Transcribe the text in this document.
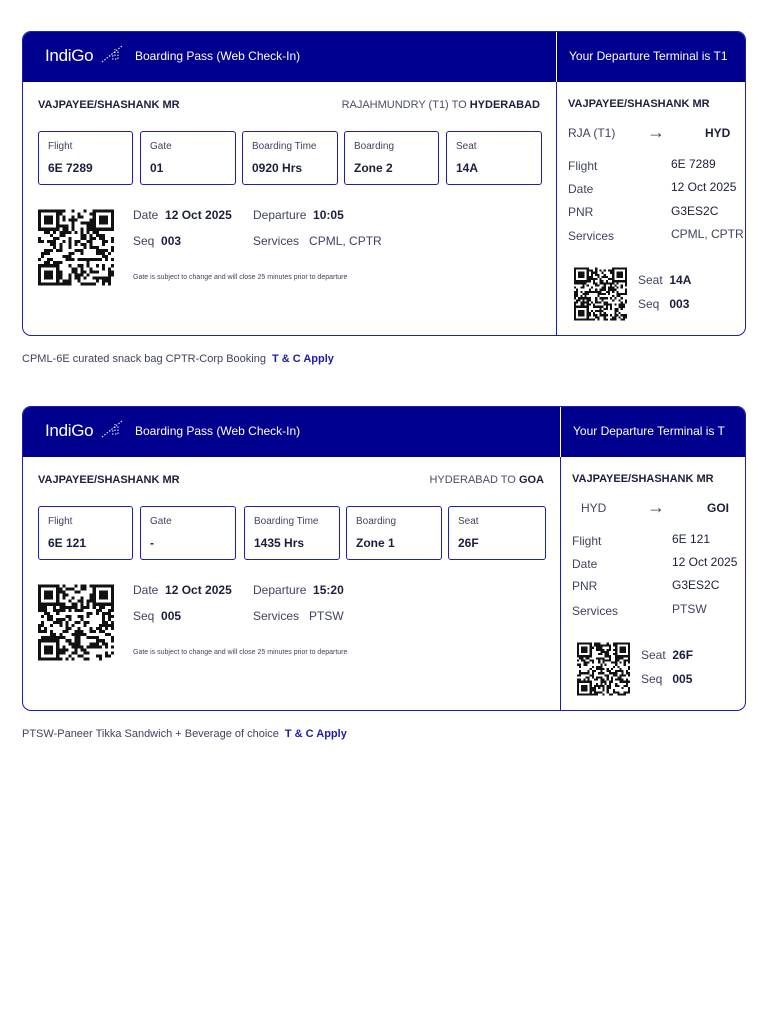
IndiGo	Boarding Pass (Web Check-In)	Your Departure Terminal is T1
VAJPAYEE/SHASHANK MR	RAJAHMUNDRY (T1) TO HYDERABAD
Flight
6E 7289
Gate
01
Boarding Time
0920 Hrs
Boarding
Zone 2
Seat
14A
Date 12 Oct 2025 Departure 10:05
Seq 003	Services CPML, CPTR
Gate is subject to change and will close 25 minutes prior to departure
VAJPAYEE/SHASHANK MR
RJA (T1) →	HYD
Flight	6E 7289
Date	12 Oct 2025
PNR	G3ES2C
Services	CPML, CPTR
Seat 14A
Seq 003
CPML-6E curated snack bag CPTR-Corp Booking T & C Apply
IndiGo	Boarding Pass (Web Check-In)	Your Departure Terminal is T
VAJPAYEE/SHASHANK MR	HYDERABAD TO GOA
Flight
6E 121
Gate
-
Boarding Time
1435 Hrs
Boarding
Zone 1
Seat
26F
Date 12 Oct 2025 Departure 15:20
Seq 005	Services PTSW
Gate is subject to change and will close 25 minutes prior to departure
VAJPAYEE/SHASHANK MR
HYD →	GOI
Flight	6E 121
Date	12 Oct 2025
PNR	G3ES2C
Services	PTSW
Seat 26F
Seq 005
PTSW-Paneer Tikka Sandwich + Beverage of choice T & C Apply
